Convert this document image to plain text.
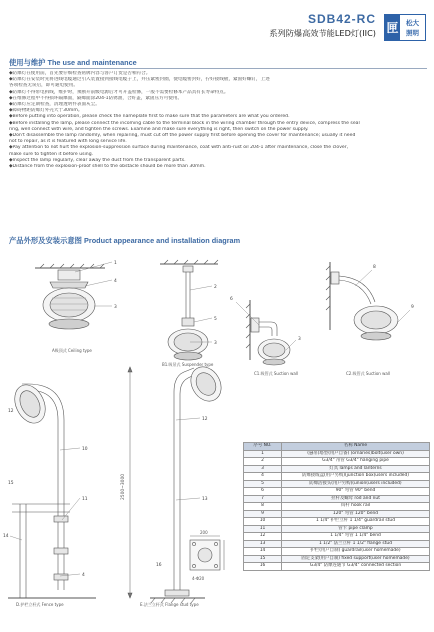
SDB42-RC
系列防爆高效节能LED灯(IIC) 匣 松大
照明
使用与维护 The use and maintenance
◆防爆灯在使用前，首先要仔细检查铭牌内容与客户订货是否相符合。
◆防爆灯在安装时先将进线电缆通过引入装置接到接线电缆子上，并压紧密封圈，使电缆密封好，拧好接线板，紧固好螺钉，上述
各项检查无误后，即可通电使用。
◆防爆灯不得带电拆线，维护时，须断开前级电源后才可开盖检修，一般不需要检修本产品具有长寿命特点。
◆在维修过程中不得损坏隔爆面，隔爆面涂204-1防锈油，合好盖，紧固压方可使用。
◆防爆灯应定期检查，清理透明件表面灰尘。
◆障碍物距防爆灯外壳大于30mm。
◆Before putting into operation, please check the nameplate first to make sure that the parameters are what you ordered.
◆Before installing the lamp, please connect the incoming cable to the terminal block in the wiring chamber through the entry device, compress the seal
ring, well connect with wire, and tighten the screws. Examine and make sure everything is right, then switch on the power supply.
◆Don't disassemble the lamp randomly, when repairing, must cut off the power supply first before opening the cover for maintenance; usually it need
not to repair, as it is featured with long service life.
◆Pay attention to not hurt the explosion-suppression surface during maintenance, coat with anti-rust oil 204-1 after maintenance, close the clover,
make sure to tighten it before using.
◆Inspect the lamp regularly, clear away the dust from the transparent parts.
◆Distance from the explosion-proof shell to the obstacle should be more than 30mm.
产品外形及安装示意图 Product appearance and installation diagram
1
4
3
2
5
3
6
3
8
9
12
10
11
14
4
15
12
13
16
2500~3000
200
4-Φ20
A吸顶式 Ceiling type
B1.吸吊式 Suspender type
C1.吸管式 Suction wall	C2.吸管式 Suction wall
D.护栏立杆式 Fence type	E.法兰立杆式 Flange stud type
序号 NO.	名称 Name
1	(悬吊)塔型(用户自备) (ornaries)bolt(user own)
2	G3/4" 吊管 G3/4" hanging pipe
3	灯具 lamps and lanterns
4	防爆接线盒(用户另购)(junction box(users included)
5	防爆活接头(用户另购)(union(users included)
6	90° 弯管 90° bend
7	拉杆及螺母 rod and nut
8	钩杆 hook rail
9	120° 弯管 120° bend
10	1 1/4" 护栏立杆 1 1/4" guardrail stud
11	管卡 pipe clamp
12	1 1/4" 弯管 1 1/4" bend
13	1 1/2" 法兰立杆 1 1/2" flange stud
14	护栏(用户自制) guardrail(user homemade)
15	固定支架(用户自制) fixed support(user homemade)
16	G3/4" 防爆连通节 G3/4" connected section
